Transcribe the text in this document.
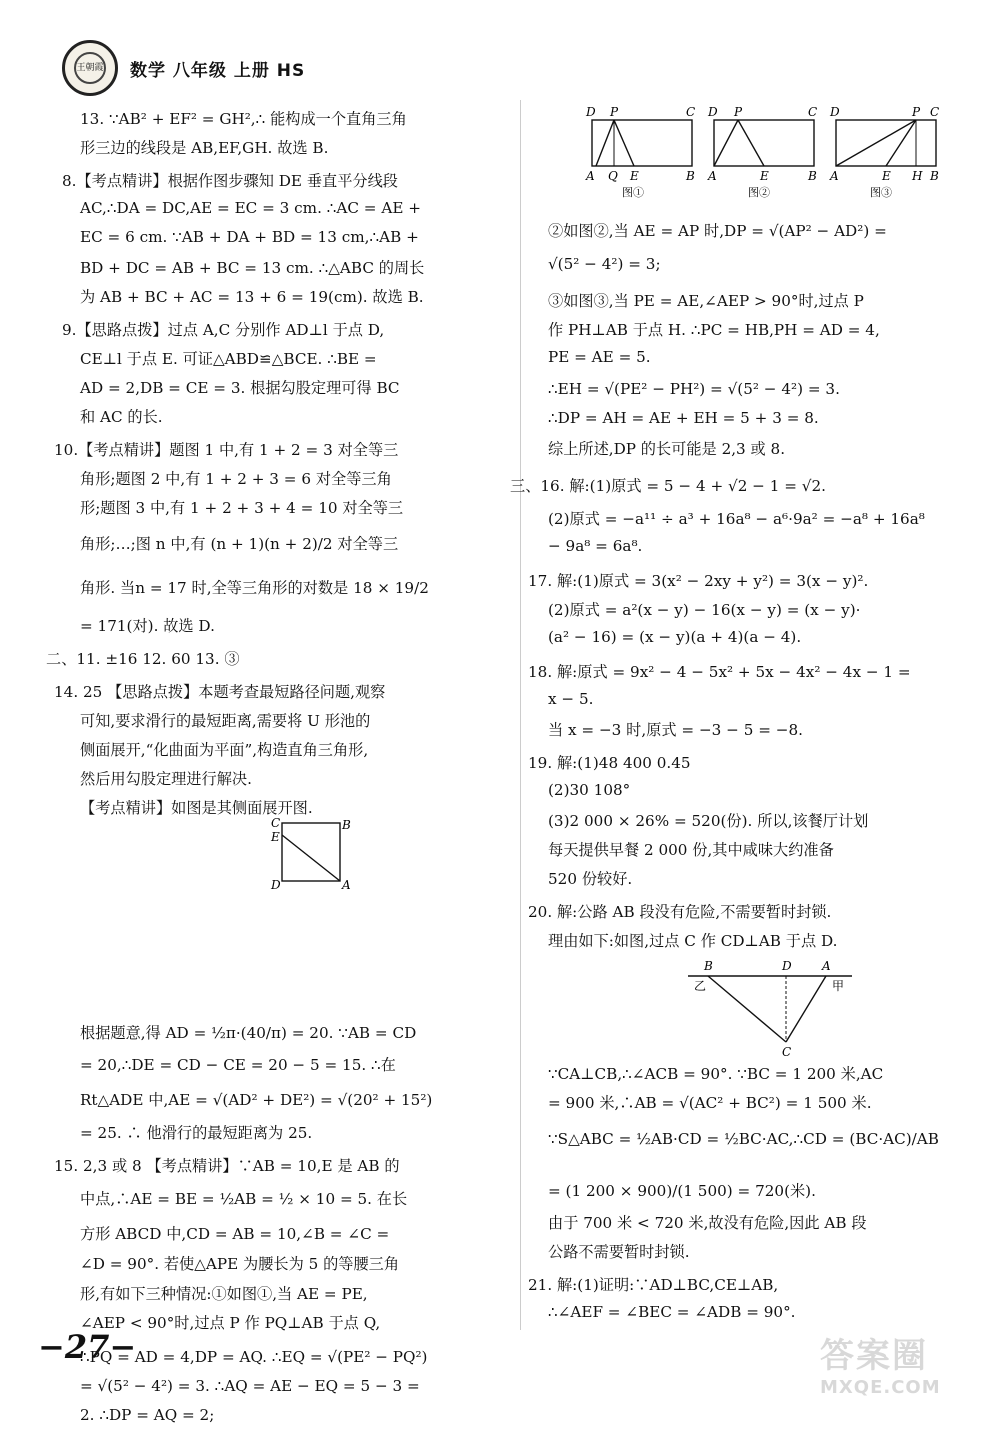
王朝霞 数学 八年级 上册 HS
13. ∵AB² + EF² = GH²,∴ 能构成一个直角三角
形三边的线段是 AB,EF,GH. 故选 B.
8.【考点精讲】根据作图步骤知 DE 垂直平分线段
AC,∴DA = DC,AE = EC = 3 cm. ∴AC = AE +
EC = 6 cm. ∵AB + DA + BD = 13 cm,∴AB +
BD + DC = AB + BC = 13 cm. ∴△ABC 的周长
为 AB + BC + AC = 13 + 6 = 19(cm). 故选 B.
9.【思路点拨】过点 A,C 分别作 AD⊥l 于点 D,
CE⊥l 于点 E. 可证△ABD≌△BCE. ∴BE =
AD = 2,DB = CE = 3. 根据勾股定理可得 BC
和 AC 的长.
10.【考点精讲】题图 1 中,有 1 + 2 = 3 对全等三
角形;题图 2 中,有 1 + 2 + 3 = 6 对全等三角
形;题图 3 中,有 1 + 2 + 3 + 4 = 10 对全等三
角形;…;图 n 中,有 (n + 1)(n + 2)/2 对全等三
角形. 当n = 17 时,全等三角形的对数是 18 × 19/2
= 171(对). 故选 D.
二、11. ±16 12. 60 13. ③
14. 25 【思路点拨】本题考查最短路径问题,观察
可知,要求滑行的最短距离,需要将 U 形池的
侧面展开,“化曲面为平面”,构造直角三角形,
然后用勾股定理进行解决.
【考点精讲】如图是其侧面展开图.
根据题意,得 AD = ½π·(40/π) = 20. ∵AB = CD
= 20,∴DE = CD − CE = 20 − 5 = 15. ∴在
Rt△ADE 中,AE = √(AD² + DE²) = √(20² + 15²)
= 25. ∴ 他滑行的最短距离为 25.
15. 2,3 或 8 【考点精讲】∵AB = 10,E 是 AB 的
中点,∴AE = BE = ½AB = ½ × 10 = 5. 在长
方形 ABCD 中,CD = AB = 10,∠B = ∠C =
∠D = 90°. 若使△APE 为腰长为 5 的等腰三角
形,有如下三种情况:①如图①,当 AE = PE,
∠AEP < 90°时,过点 P 作 PQ⊥AB 于点 Q,
∴PQ = AD = 4,DP = AQ. ∴EQ = √(PE² − PQ²)
= √(5² − 4²) = 3. ∴AQ = AE − EQ = 5 − 3 =
2. ∴DP = AQ = 2;
②如图②,当 AE = AP 时,DP = √(AP² − AD²) =
√(5² − 4²) = 3;
③如图③,当 PE = AE,∠AEP > 90°时,过点 P
作 PH⊥AB 于点 H. ∴PC = HB,PH = AD = 4,
PE = AE = 5.
∴EH = √(PE² − PH²) = √(5² − 4²) = 3.
∴DP = AH = AE + EH = 5 + 3 = 8.
综上所述,DP 的长可能是 2,3 或 8.
三、16. 解:(1)原式 = 5 − 4 + √2 − 1 = √2.
(2)原式 = −a¹¹ ÷ a³ + 16a⁸ − a⁶·9a² = −a⁸ + 16a⁸
− 9a⁸ = 6a⁸.
17. 解:(1)原式 = 3(x² − 2xy + y²) = 3(x − y)².
(2)原式 = a²(x − y) − 16(x − y) = (x − y)·
(a² − 16) = (x − y)(a + 4)(a − 4).
18. 解:原式 = 9x² − 4 − 5x² + 5x − 4x² − 4x − 1 =
x − 5.
当 x = −3 时,原式 = −3 − 5 = −8.
19. 解:(1)48 400 0.45
(2)30 108°
(3)2 000 × 26% = 520(份). 所以,该餐厅计划
每天提供早餐 2 000 份,其中咸味大约准备
520 份较好.
20. 解:公路 AB 段没有危险,不需要暂时封锁.
理由如下:如图,过点 C 作 CD⊥AB 于点 D.
∵CA⊥CB,∴∠ACB = 90°. ∵BC = 1 200 米,AC
= 900 米,∴AB = √(AC² + BC²) = 1 500 米.
∵S△ABC = ½AB·CD = ½BC·AC,∴CD = (BC·AC)/AB
= (1 200 × 900)/(1 500) = 720(米).
由于 700 米 < 720 米,故没有危险,因此 AB 段
公路不需要暂时封锁.
21. 解:(1)证明:∵AD⊥BC,CE⊥AB,
∴∠AEF = ∠BEC = ∠ADB = 90°.
D P	C
A Q E	B
图①
D P	C
A	E	B
图②
D	P C
A	E H B
图③
C
E
B
D	A
B	D	A
乙	甲
C
−27−	答案圈
MXQE.COM
